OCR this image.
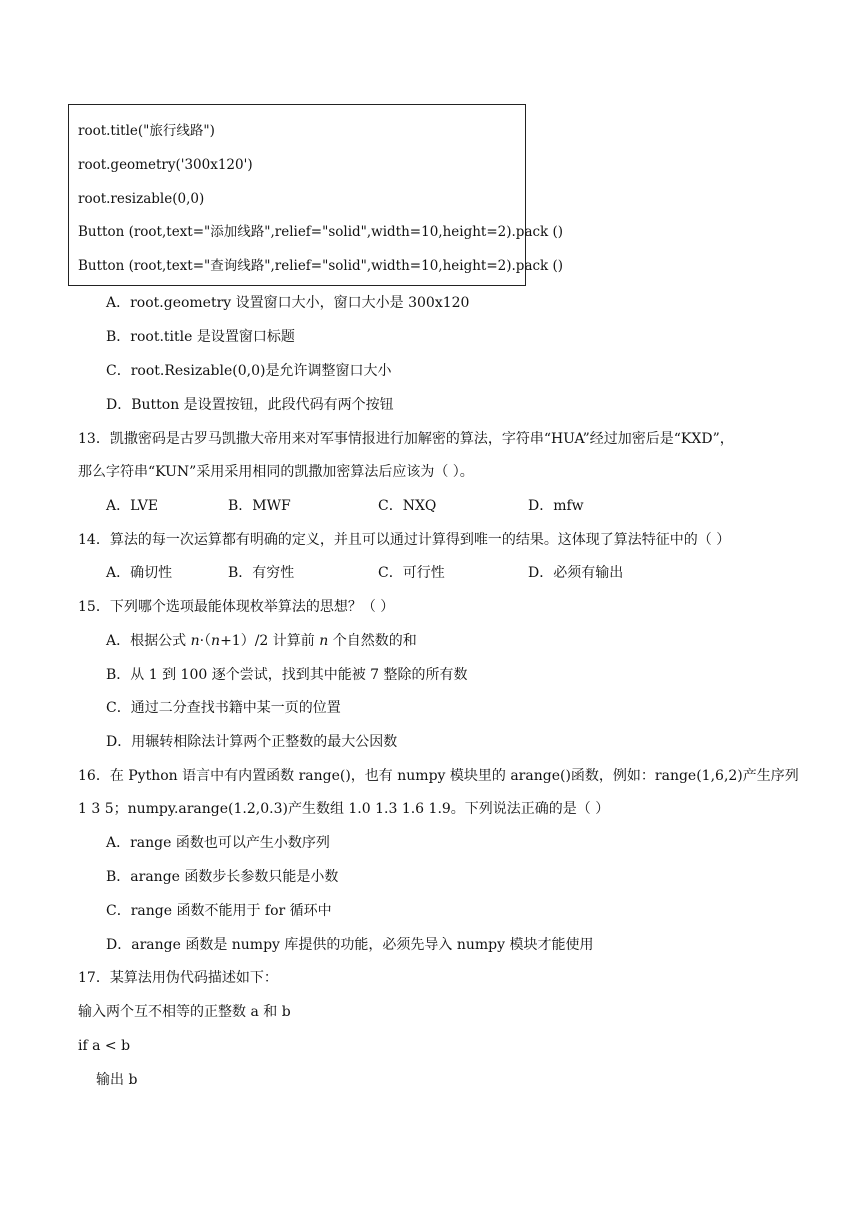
root.title("旅行线路")
root.geometry('300x120')
root.resizable(0,0)
Button (root,text="添加线路",relief="solid",width=10,height=2).pack ()
Button (root,text="查询线路",relief="solid",width=10,height=2).pack ()
A．root.geometry 设置窗口大小，窗口大小是 300x120
B．root.title 是设置窗口标题
C．root.Resizable(0,0)是允许调整窗口大小
D．Button 是设置按钮，此段代码有两个按钮
13．凯撒密码是古罗马凯撒大帝用来对军事情报进行加解密的算法，字符串“HUA”经过加密后是“KXD”，
那么字符串“KUN”采用采用相同的凯撒加密算法后应该为（ ）。
A．LVE	B．MWF	C．NXQ	D．mfw
14．算法的每一次运算都有明确的定义，并且可以通过计算得到唯一的结果。这体现了算法特征中的（ ）
A．确切性	B．有穷性	C．可行性	D．必须有输出
15．下列哪个选项最能体现枚举算法的思想？（ ）
A．根据公式 n·（n+1）/2 计算前 n 个自然数的和
B．从 1 到 100 逐个尝试，找到其中能被 7 整除的所有数
C．通过二分查找书籍中某一页的位置
D．用辗转相除法计算两个正整数的最大公因数
16．在 Python 语言中有内置函数 range()，也有 numpy 模块里的 arange()函数，例如：range(1,6,2)产生序列
1 3 5；numpy.arange(1.2,0.3)产生数组 1.0 1.3 1.6 1.9。下列说法正确的是（ ）
A．range 函数也可以产生小数序列
B．arange 函数步长参数只能是小数
C．range 函数不能用于 for 循环中
D．arange 函数是 numpy 库提供的功能，必须先导入 numpy 模块才能使用
17．某算法用伪代码描述如下：
输入两个互不相等的正整数 a 和 b
if a < b
输出 b
